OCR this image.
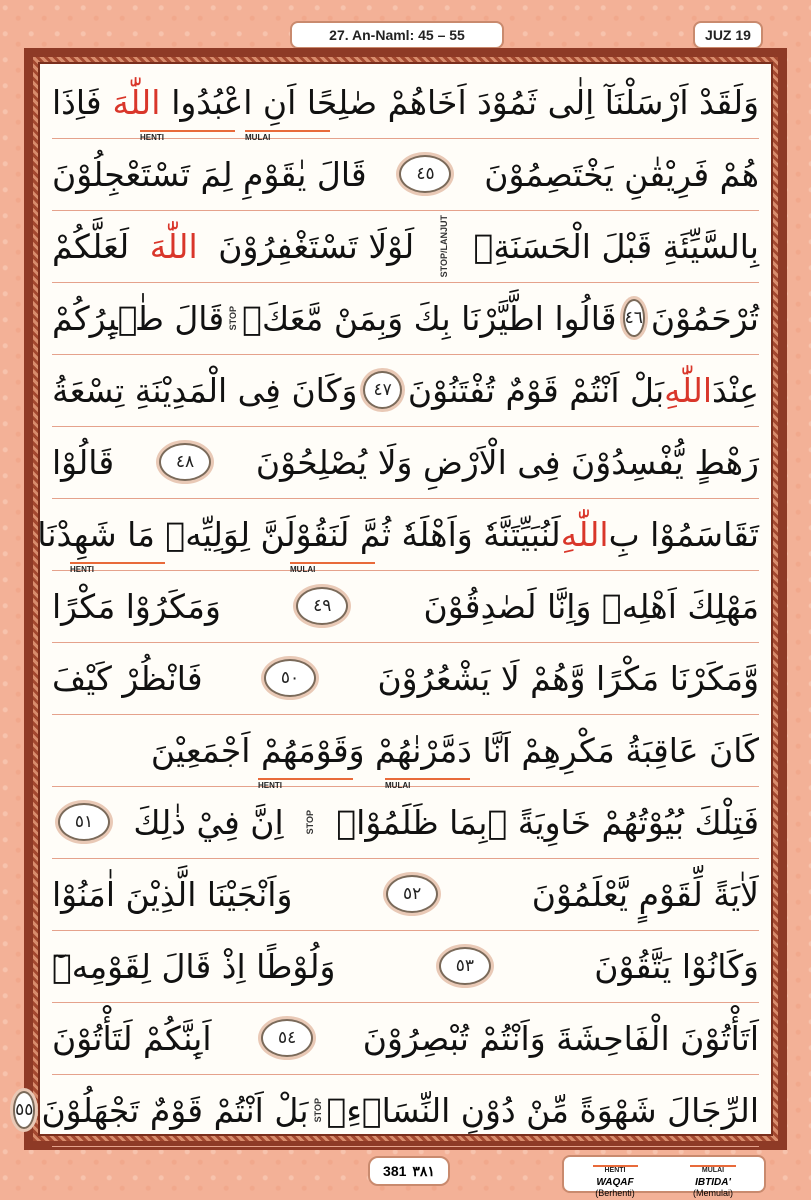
27. An-Naml: 45 – 55	JUZ 19
وَلَقَدْ اَرْسَلْنَآ اِلٰى ثَمُوْدَ اَخَاهُمْ صٰلِحًا اَنِ اعْبُدُوا
اللّٰهَ
فَاِذَا
هُمْ فَرِيْقٰنِ يَخْتَصِمُوْنَ
٤٥
قَالَ يٰقَوْمِ لِمَ تَسْتَعْجِلُوْنَ
بِالسَّيِّئَةِ قَبْلَ الْحَسَنَةِۚ
STOP/LANJUT
لَوْلَا تَسْتَغْفِرُوْنَ
اللّٰهَ
لَعَلَّكُمْ
تُرْحَمُوْنَ
٤٦
قَالُوا اطَّيَّرْنَا بِكَ وَبِمَنْ مَّعَكَۗ
STOP
قَالَ طٰۤىِٕرُكُمْ
عِنْدَ
اللّٰهِ
بَلْ اَنْتُمْ قَوْمٌ تُفْتَنُوْنَ
٤٧
وَكَانَ فِى الْمَدِيْنَةِ تِسْعَةُ
رَهْطٍ يُّفْسِدُوْنَ فِى الْاَرْضِ وَلَا يُصْلِحُوْنَ
٤٨
قَالُوْا
تَقَاسَمُوْا بِ
اللّٰهِ
لَنُبَيِّتَنَّهٗ وَاَهْلَهٗ ثُمَّ لَنَقُوْلَنَّ لِوَلِيِّهٖ مَا شَهِدْنَا
مَهْلِكَ اَهْلِهٖ وَاِنَّا لَصٰدِقُوْنَ
٤٩
وَمَكَرُوْا مَكْرًا
وَّمَكَرْنَا مَكْرًا وَّهُمْ لَا يَشْعُرُوْنَ
٥٠
فَانْظُرْ كَيْفَ
كَانَ عَاقِبَةُ مَكْرِهِمْ اَنَّا دَمَّرْنٰهُمْ وَقَوْمَهُمْ اَجْمَعِيْنَ
فَتِلْكَ بُيُوْتُهُمْ خَاوِيَةً ۢبِمَا ظَلَمُوْاۗ
STOP
اِنَّ فِيْ ذٰلِكَ
٥١
لَاٰيَةً لِّقَوْمٍ يَّعْلَمُوْنَ
٥٢
وَاَنْجَيْنَا الَّذِيْنَ اٰمَنُوْا
وَكَانُوْا يَتَّقُوْنَ
٥٣
وَلُوْطًا اِذْ قَالَ لِقَوْمِهٖٓ
اَتَأْتُوْنَ الْفَاحِشَةَ وَاَنْتُمْ تُبْصِرُوْنَ
٥٤
اَىِٕنَّكُمْ لَتَأْتُوْنَ
الرِّجَالَ شَهْوَةً مِّنْ دُوْنِ النِّسَاۤءِۗ
STOP
بَلْ اَنْتُمْ قَوْمٌ تَجْهَلُوْنَ
٥٥
HENTI	MULAI
HENTI	MULAI
HENTI	MULAI
381 ٣٨١	HENTI
WAQAF
(Berhenti)
MULAI
IBTIDA'
(Memulai)
